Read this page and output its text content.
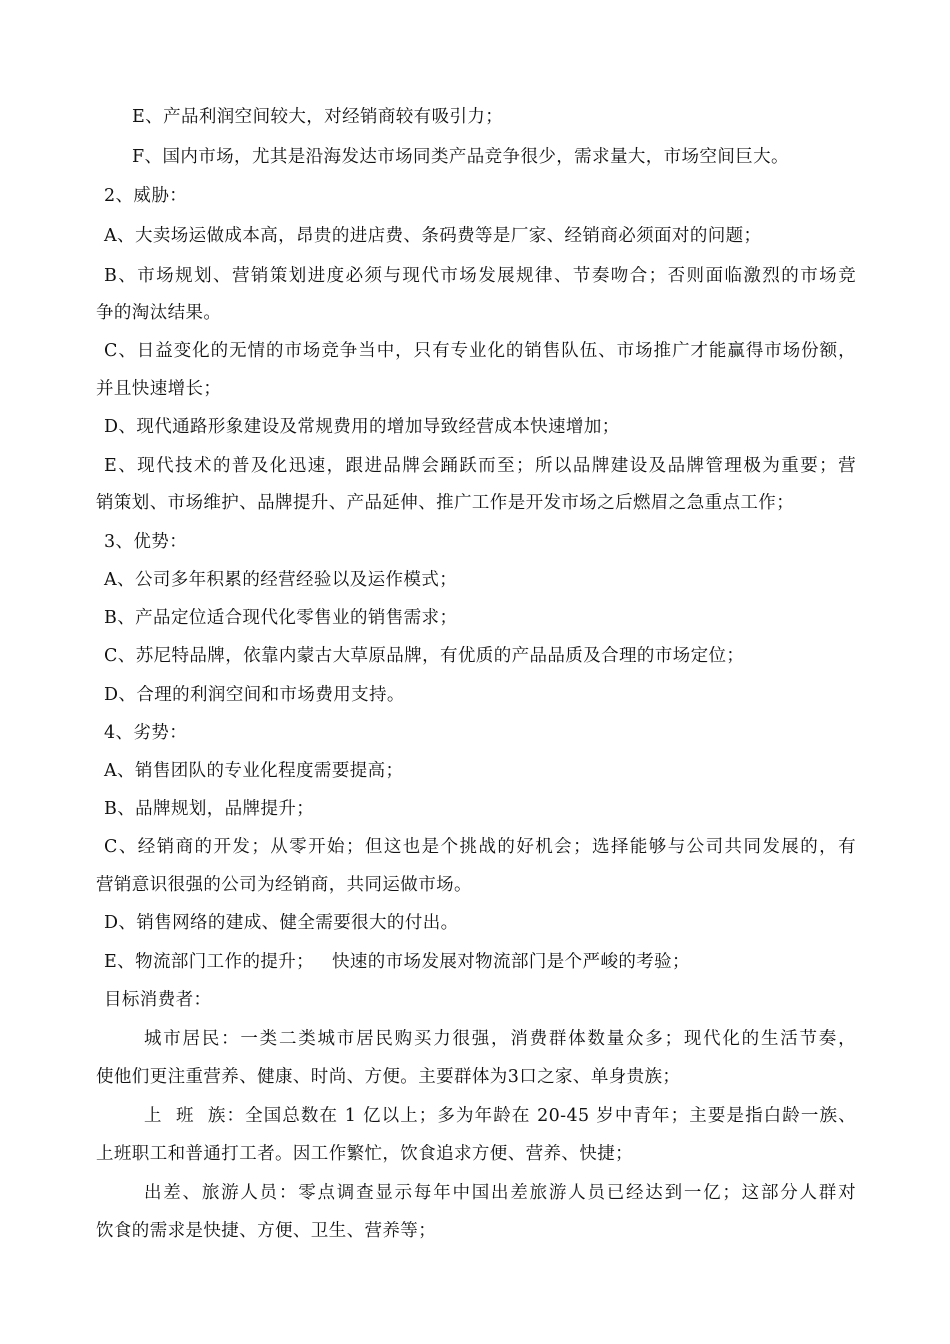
E、产品利润空间较大，对经销商较有吸引力；
F、国内市场，尤其是沿海发达市场同类产品竞争很少，需求量大，市场空间巨大。
2、威胁：
A、大卖场运做成本高，昂贵的进店费、条码费等是厂家、经销商必须面对的问题；
B、市场规划、营销策划进度必须与现代市场发展规律、节奏吻合；否则面临激烈的市场竞
争的淘汰结果。
C、日益变化的无情的市场竞争当中，只有专业化的销售队伍、市场推广才能赢得市场份额，
并且快速增长；
D、现代通路形象建设及常规费用的增加导致经营成本快速增加；
E、现代技术的普及化迅速，跟进品牌会踊跃而至；所以品牌建设及品牌管理极为重要；营
销策划、市场维护、品牌提升、产品延伸、推广工作是开发市场之后燃眉之急重点工作；
3、优势：
A、公司多年积累的经营经验以及运作模式；
B、产品定位适合现代化零售业的销售需求；
C、苏尼特品牌，依靠内蒙古大草原品牌，有优质的产品品质及合理的市场定位；
D、合理的利润空间和市场费用支持。
4、劣势：
A、销售团队的专业化程度需要提高；
B、品牌规划，品牌提升；
C、经销商的开发；从零开始；但这也是个挑战的好机会；选择能够与公司共同发展的，有
营销意识很强的公司为经销商，共同运做市场。
D、销售网络的建成、健全需要很大的付出。
E、物流部门工作的提升；   快速的市场发展对物流部门是个严峻的考验；
目标消费者：
城市居民：一类二类城市居民购买力很强，消费群体数量众多；现代化的生活节奏，
使他们更注重营养、健康、时尚、方便。主要群体为3口之家、单身贵族；
上  班  族：全国总数在 1 亿以上；多为年龄在 20-45 岁中青年；主要是指白龄一族、
上班职工和普通打工者。因工作繁忙，饮食追求方便、营养、快捷；
出差、旅游人员：零点调查显示每年中国出差旅游人员已经达到一亿；这部分人群对
饮食的需求是快捷、方便、卫生、营养等；
